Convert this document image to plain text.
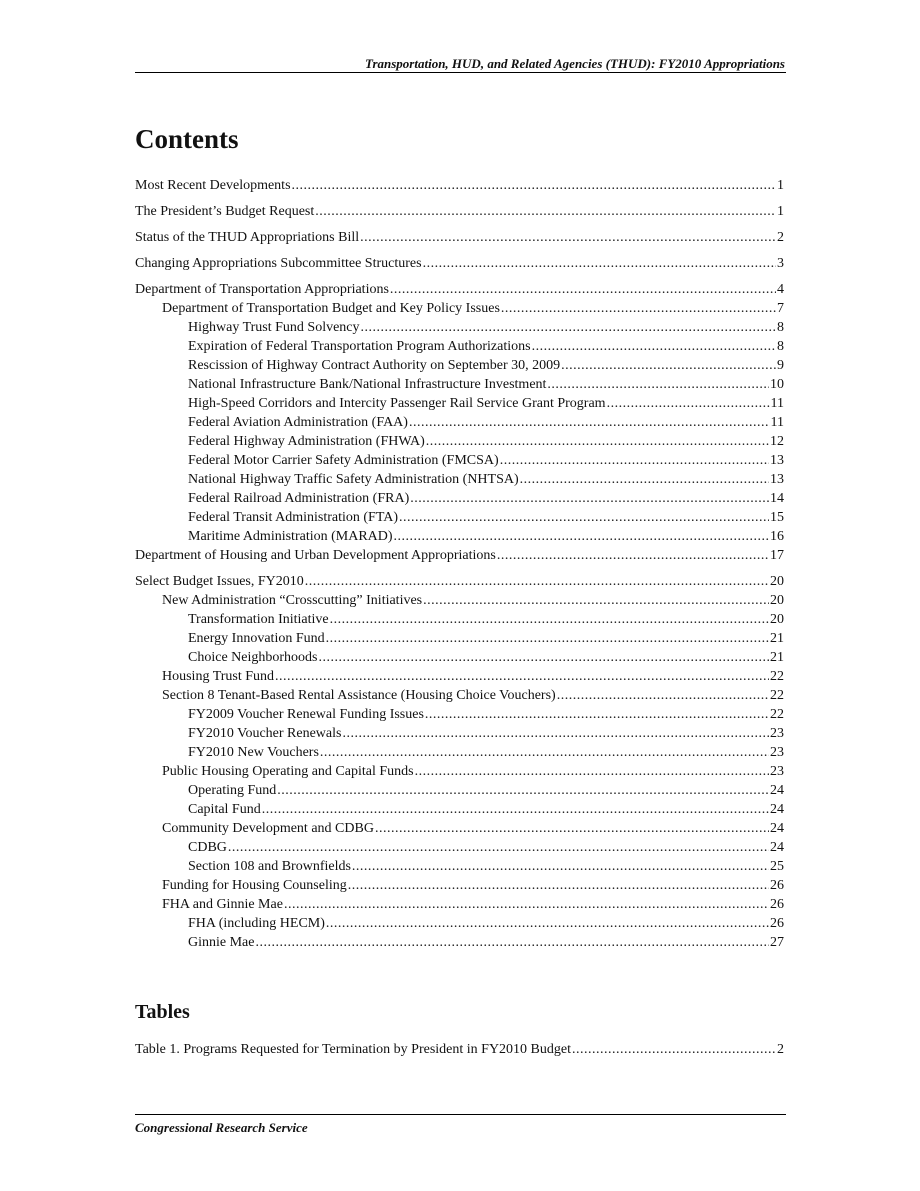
Transportation, HUD, and Related Agencies (THUD): FY2010 Appropriations
Contents
Most Recent Developments .....	1
The President’s Budget Request .....	1
Status of the THUD Appropriations Bill .....	2
Changing Appropriations Subcommittee Structures .....	3
Department of Transportation Appropriations .....	4
Department of Transportation Budget and Key Policy Issues .....	7
Highway Trust Fund Solvency .....	8
Expiration of Federal Transportation Program Authorizations .....	8
Rescission of Highway Contract Authority on September 30, 2009 .....	9
National Infrastructure Bank/National Infrastructure Investment .....	10
High-Speed Corridors and Intercity Passenger Rail Service Grant Program .....	11
Federal Aviation Administration (FAA) .....	11
Federal Highway Administration (FHWA) .....	12
Federal Motor Carrier Safety Administration (FMCSA) .....	13
National Highway Traffic Safety Administration (NHTSA) .....	13
Federal Railroad Administration (FRA) .....	14
Federal Transit Administration (FTA) .....	15
Maritime Administration (MARAD) .....	16
Department of Housing and Urban Development Appropriations .....	17
Select Budget Issues, FY2010 .....	20
New Administration “Crosscutting” Initiatives .....	20
Transformation Initiative .....	20
Energy Innovation Fund .....	21
Choice Neighborhoods .....	21
Housing Trust Fund .....	22
Section 8 Tenant-Based Rental Assistance (Housing Choice Vouchers) .....	22
FY2009 Voucher Renewal Funding Issues .....	22
FY2010 Voucher Renewals .....	23
FY2010 New Vouchers .....	23
Public Housing Operating and Capital Funds .....	23
Operating Fund .....	24
Capital Fund .....	24
Community Development and CDBG .....	24
CDBG .....	24
Section 108 and Brownfields .....	25
Funding for Housing Counseling .....	26
FHA and Ginnie Mae .....	26
FHA (including HECM) .....	26
Ginnie Mae .....	27
Tables
Table 1. Programs Requested for Termination by President in FY2010 Budget .....	2
Congressional Research Service
